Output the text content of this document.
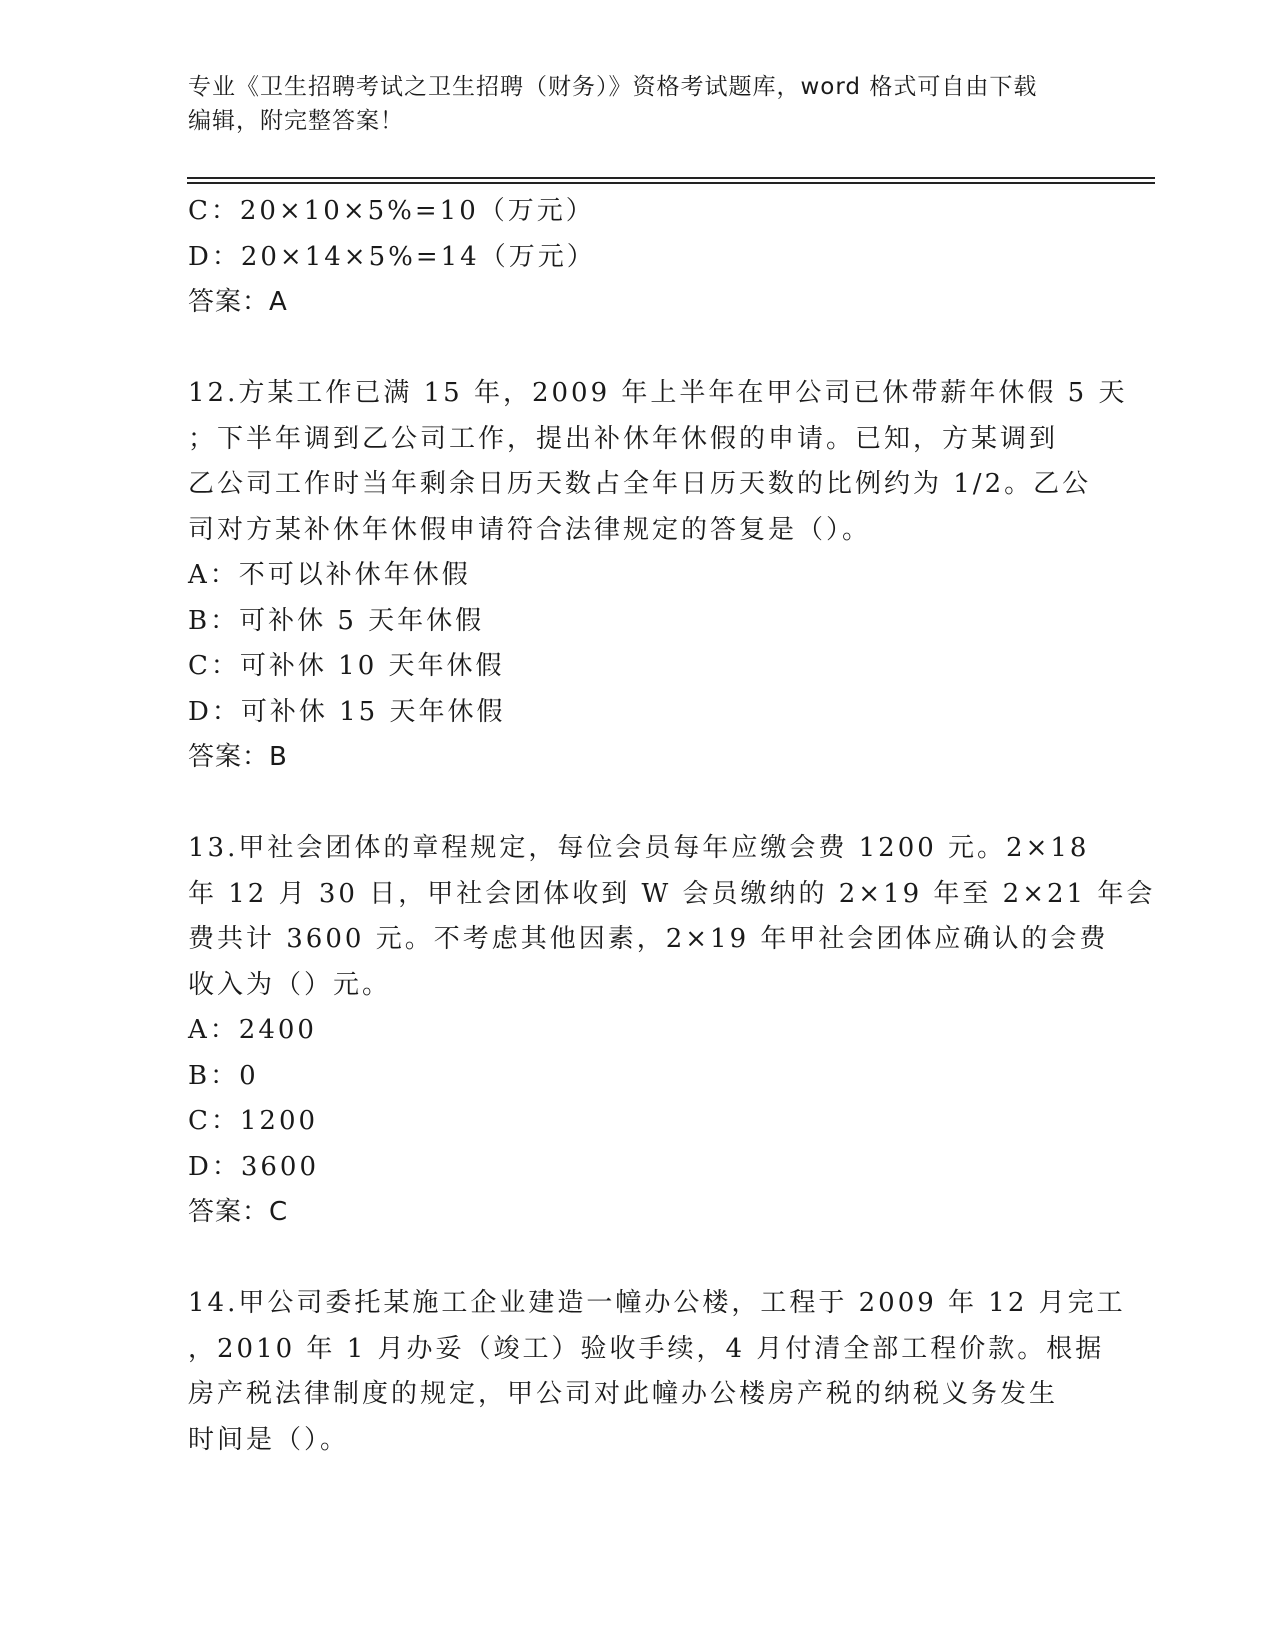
专业《卫生招聘考试之卫生招聘（财务）》资格考试题库，word 格式可自由下载
编辑，附完整答案！
C：20×10×5%=10（万元）
D：20×14×5%=14（万元）
答案：A
12.方某工作已满 15 年，2009 年上半年在甲公司已休带薪年休假 5 天
；下半年调到乙公司工作，提出补休年休假的申请。已知，方某调到
乙公司工作时当年剩余日历天数占全年日历天数的比例约为 1/2。乙公
司对方某补休年休假申请符合法律规定的答复是（）。
A：不可以补休年休假
B：可补休 5 天年休假
C：可补休 10 天年休假
D：可补休 15 天年休假
答案：B
13.甲社会团体的章程规定，每位会员每年应缴会费 1200 元。2×18
年 12 月 30 日，甲社会团体收到 W 会员缴纳的 2×19 年至 2×21 年会
费共计 3600 元。不考虑其他因素，2×19 年甲社会团体应确认的会费
收入为（）元。
A：2400
B：0
C：1200
D：3600
答案：C
14.甲公司委托某施工企业建造一幢办公楼，工程于 2009 年 12 月完工
，2010 年 1 月办妥（竣工）验收手续，4 月付清全部工程价款。根据
房产税法律制度的规定，甲公司对此幢办公楼房产税的纳税义务发生
时间是（）。
